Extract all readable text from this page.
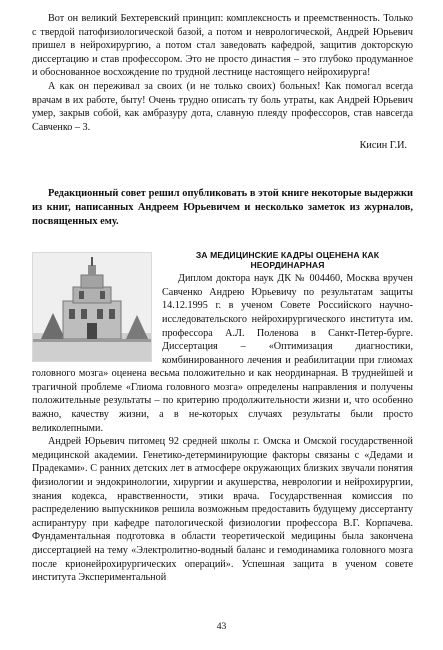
Вот он великий Бехтеревский принцип: комплексность и преемственность. Только с твердой патофизиологической базой, а потом и неврологической, Андрей Юрьевич пришел в нейрохирургию, а потом стал заведовать кафедрой, защитив докторскую диссертацию и став профессором. Это не просто династия – это глубоко продуманное и обоснованное восхождение по трудной лестнице настоящего нейрохирурга!

А как он переживал за своих (и не только своих) больных! Как помогал всегда врачам в их работе, быту! Очень трудно описать ту боль утраты, как Андрей Юрьевич умер, закрыв собой, как амбразуру дота, славную плеяду профессоров, став навсегда Савченко – 3.

Кисин Г.И.

Редакционный совет решил опубликовать в этой книге некоторые выдержки из книг, написанных Андреем Юрьевичем и несколько заметок из журналов, посвященных ему.

ЗА МЕДИЦИНСКИЕ КАДРЫ ОЦЕНЕНА КАК НЕОРДИНАРНАЯ

Диплом доктора наук ДК № 004460, Москва вручен Савченко Андрею Юрьевичу по результатам защиты 14.12.1995 г. в ученом Совете Российского научно-исследовательского нейрохирургического института им. профессора А.Л. Поленова в Санкт-Петер-бурге. Диссертация – «Оптимизация диагностики, комбинированного лечения и реабилитации при глиомах головного мозга» оценена весьма положительно и как неординарная. В труднейшей и трагичной проблеме «Глиома головного мозга» определены направления и получены положительные результаты – по критерию продолжительности жизни и, что особенно важно, качеству жизни, а в не-которых случаях результаты были просто великолепными.

Андрей Юрьевич питомец 92 средней школы г. Омска и Омской государственной медицинской академии. Генетико-детерминирующие факторы связаны с «Дедами и Прадеками». С ранних детских лет в атмосфере окружающих близких звучали понятия физиологии и эндокринологии, хирургии и акушерства, неврологии и нейрохирургии, знания кодекса, нравственности, этики врача. Государственная комиссия по распределению выпускников решила возможным предоставить будущему диссертанту аспирантуру при кафедре патологической физиологии профессора В.Г. Корпачева. Фундаментальная подготовка в области теоретической медицины была закончена диссертацией на тему «Электролитно-водный баланс и гемодинамика головного мозга после крионейрохирургических операций». Успешная защита в ученом совете института Экспериментальной

43
